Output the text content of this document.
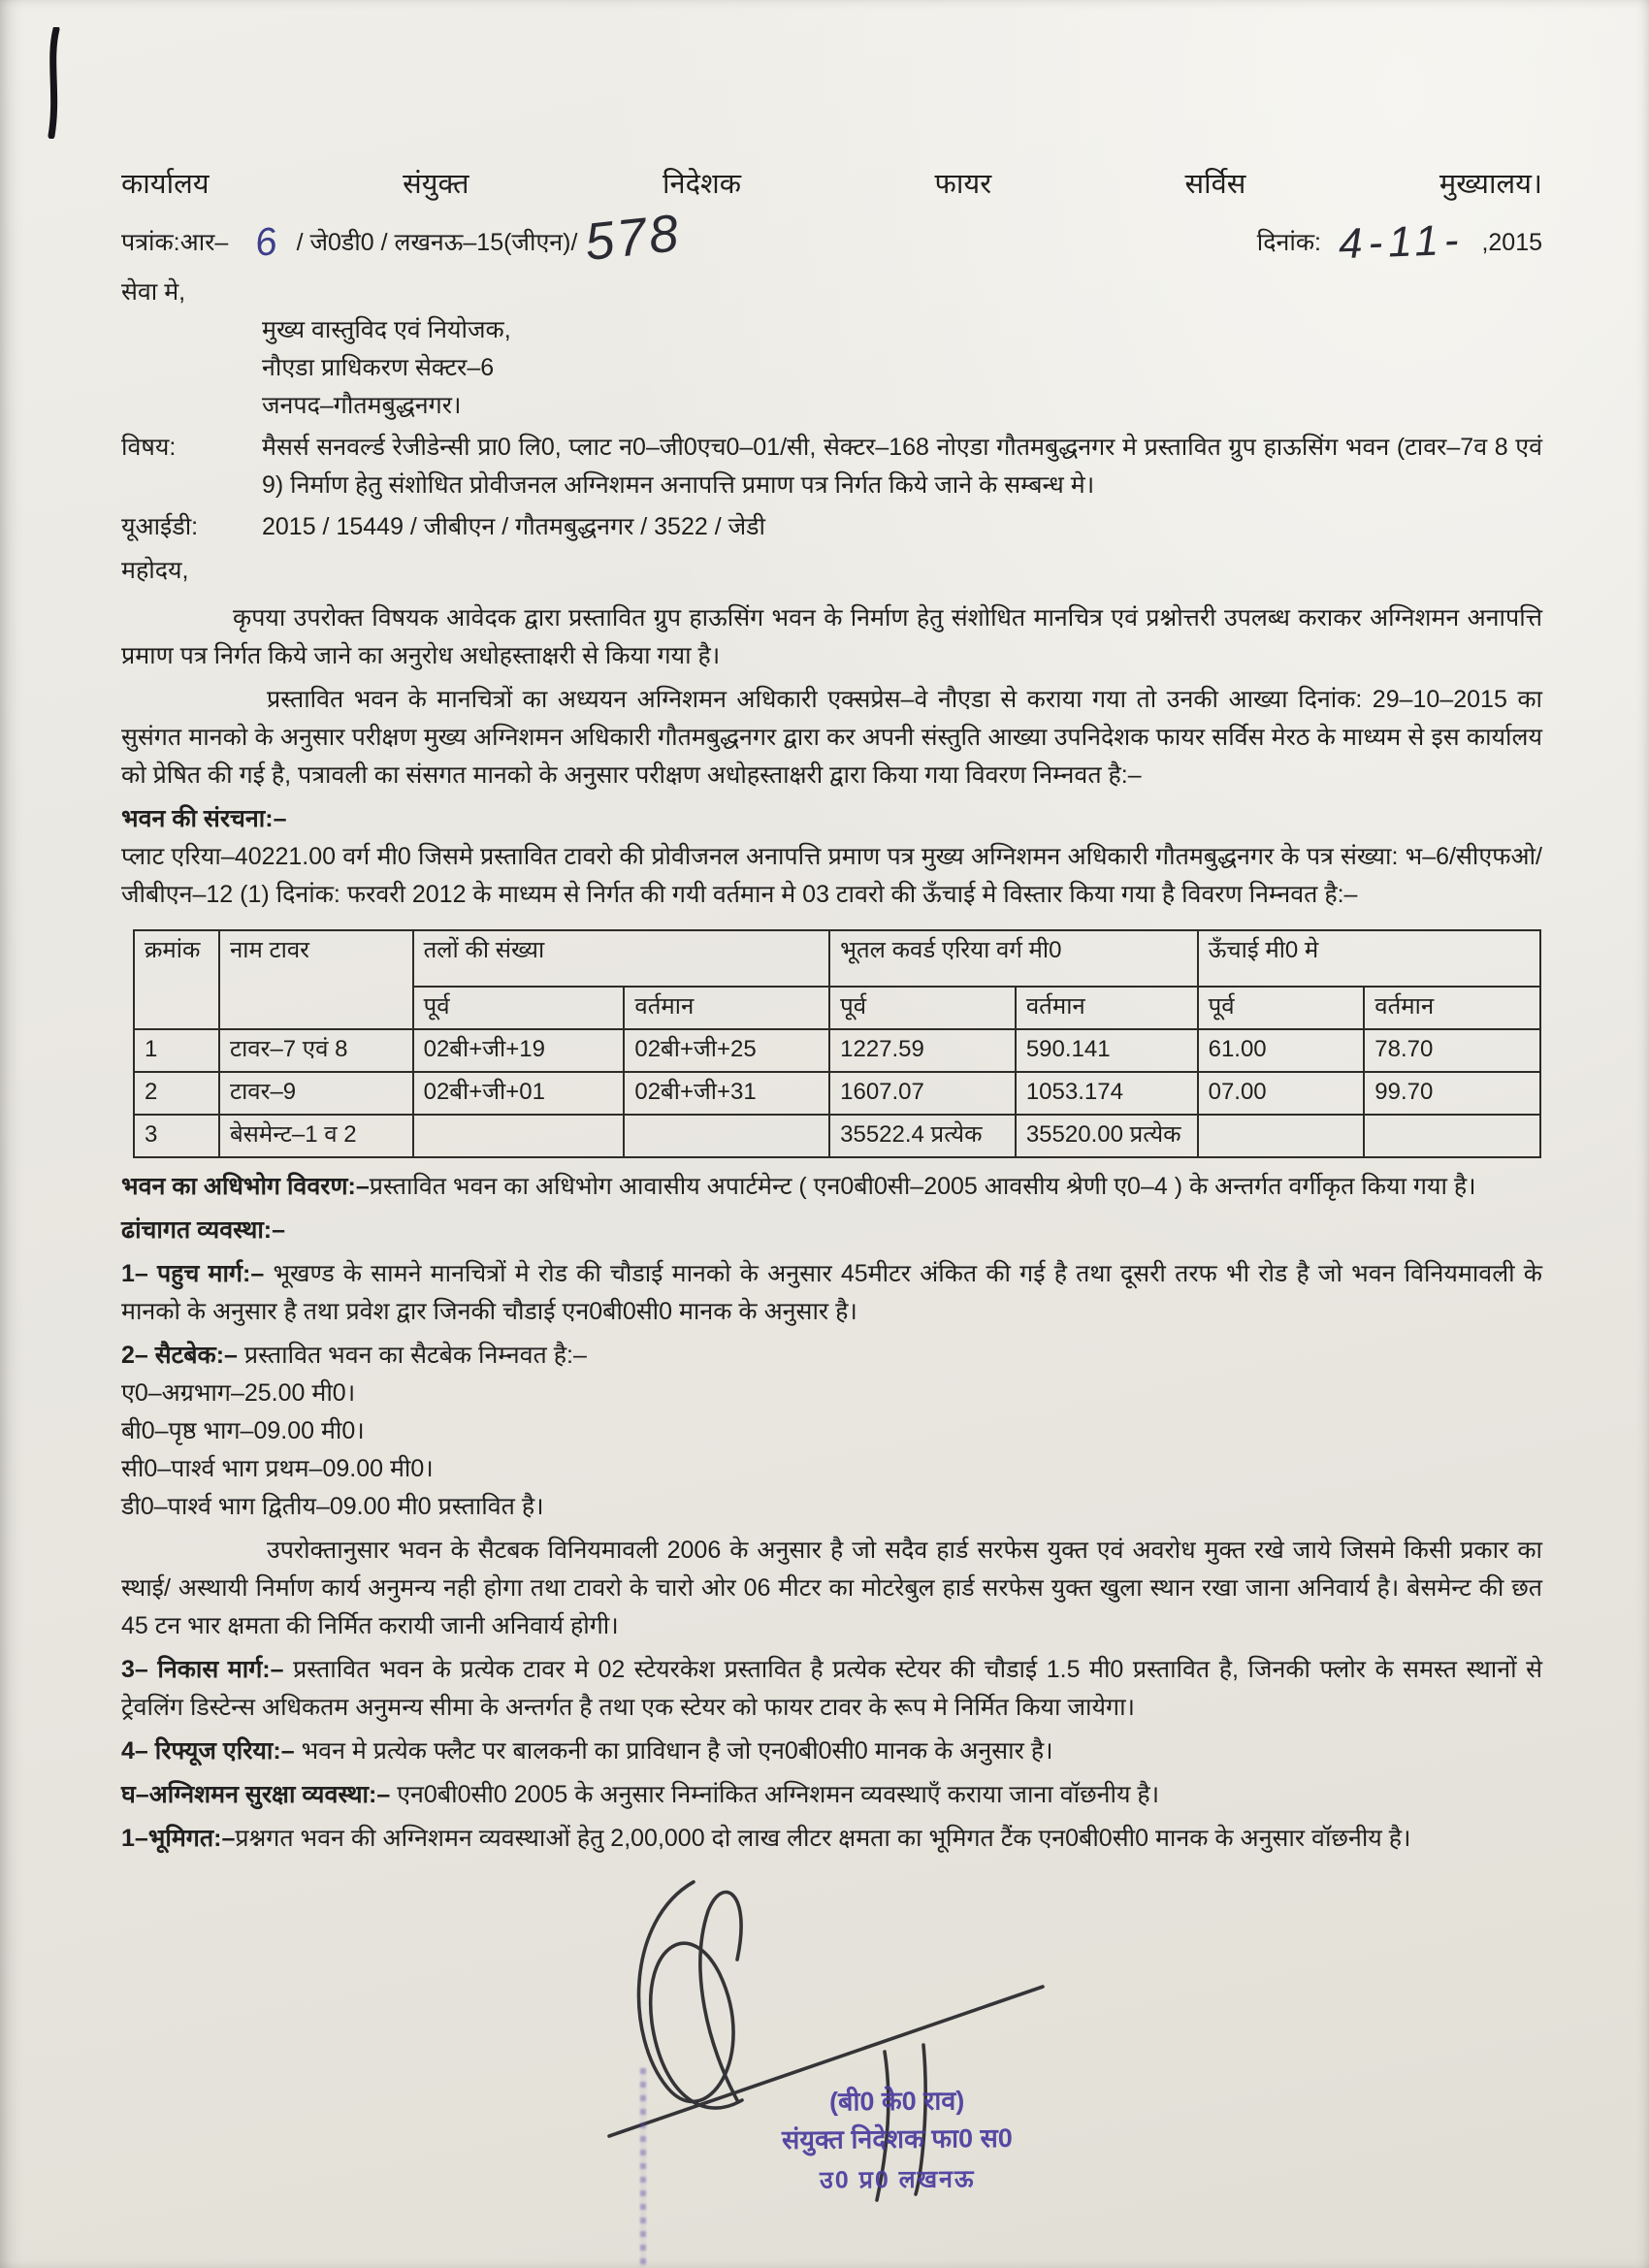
कार्यालय	संयुक्त	निदेशक	फायर	सर्विस	मुख्यालय।
पत्रांक:आर– 6 / जे0डी0 / लखनऊ–15(जीएन)/ 578	दिनांक: 4-11- ,2015

सेवा मे,

मुख्य वास्तुविद एवं नियोजक,

नौएडा प्राधिकरण सेक्टर–6

जनपद–गौतमबुद्धनगर।

विषय:	मैसर्स सनवर्ल्ड रेजीडेन्सी प्रा0 लि0, प्लाट न0–जी0एच0–01/सी, सेक्टर–168 नोएडा गौतमबुद्धनगर मे प्रस्तावित ग्रुप हाऊसिंग भवन (टावर–7व 8 एवं 9) निर्माण हेतु संशोधित प्रोवीजनल अग्निशमन अनापत्ति प्रमाण पत्र निर्गत किये जाने के सम्बन्ध मे।
यूआईडी:	2015 / 15449 / जीबीएन / गौतमबुद्धनगर / 3522 / जेडी

महोदय,

कृपया उपरोक्त विषयक आवेदक द्वारा प्रस्तावित ग्रुप हाऊसिंग भवन के निर्माण हेतु संशोधित मानचित्र एवं प्रश्नोत्तरी उपलब्ध कराकर अग्निशमन अनापत्ति प्रमाण पत्र निर्गत किये जाने का अनुरोध अधोहस्ताक्षरी से किया गया है।

प्रस्तावित भवन के मानचित्रों का अध्ययन अग्निशमन अधिकारी एक्सप्रेस–वे नौएडा से कराया गया तो उनकी आख्या दिनांक: 29–10–2015 का सुसंगत मानको के अनुसार परीक्षण मुख्य अग्निशमन अधिकारी गौतमबुद्धनगर द्वारा कर अपनी संस्तुति आख्या उपनिदेशक फायर सर्विस मेरठ के माध्यम से इस कार्यालय को प्रेषित की गई है, पत्रावली का संसगत मानको के अनुसार परीक्षण अधोहस्ताक्षरी द्वारा किया गया विवरण निम्नवत है:–

भवन की संरचना:–

प्लाट एरिया–40221.00 वर्ग मी0 जिसमे प्रस्तावित टावरो की प्रोवीजनल अनापत्ति प्रमाण पत्र मुख्य अग्निशमन अधिकारी गौतमबुद्धनगर के पत्र संख्या: भ–6/सीएफओ/जीबीएन–12 (1) दिनांक: फरवरी 2012 के माध्यम से निर्गत की गयी वर्तमान मे 03 टावरो की ऊँचाई मे विस्तार किया गया है विवरण निम्नवत है:–

क्रमांक	नाम टावर	तलों की संख्या		भूतल कवर्ड एरिया वर्ग मी0		ऊँचाई मी0 मे	
		पूर्व	वर्तमान	पूर्व	वर्तमान	पूर्व	वर्तमान
1	टावर–7 एवं 8	02बी+जी+19	02बी+जी+25	1227.59	590.141	61.00	78.70
2	टावर–9	02बी+जी+01	02बी+जी+31	1607.07	1053.174	07.00	99.70
3	बेसमेन्ट–1 व 2			35522.4 प्रत्येक	35520.00 प्रत्येक		

भवन का अधिभोग विवरण:–प्रस्तावित भवन का अधिभोग आवासीय अपार्टमेन्ट ( एन0बी0सी–2005 आवसीय श्रेणी ए0–4 ) के अन्तर्गत वर्गीकृत किया गया है।

ढांचागत व्यवस्था:–

1– पहुच मार्ग:– भूखण्ड के सामने मानचित्रों मे रोड की चौडाई मानको के अनुसार 45मीटर अंकित की गई है तथा दूसरी तरफ भी रोड है जो भवन विनियमावली के मानको के अनुसार है तथा प्रवेश द्वार जिनकी चौडाई एन0बी0सी0 मानक के अनुसार है।

2– सैटबेक:– प्रस्तावित भवन का सैटबेक निम्नवत है:–

ए0–अग्रभाग–25.00 मी0।

बी0–पृष्ठ भाग–09.00 मी0।

सी0–पार्श्व भाग प्रथम–09.00 मी0।

डी0–पार्श्व भाग द्वितीय–09.00 मी0 प्रस्तावित है।

उपरोक्तानुसार भवन के सैटबक विनियमावली 2006 के अनुसार है जो सदैव हार्ड सरफेस युक्त एवं अवरोध मुक्त रखे जाये जिसमे किसी प्रकार का स्थाई/ अस्थायी निर्माण कार्य अनुमन्य नही होगा तथा टावरो के चारो ओर 06 मीटर का मोटरेबुल हार्ड सरफेस युक्त खुला स्थान रखा जाना अनिवार्य है। बेसमेन्ट की छत 45 टन भार क्षमता की निर्मित करायी जानी अनिवार्य होगी।

3– निकास मार्ग:– प्रस्तावित भवन के प्रत्येक टावर मे 02 स्टेयरकेश प्रस्तावित है प्रत्येक स्टेयर की चौडाई 1.5 मी0 प्रस्तावित है, जिनकी फ्लोर के समस्त स्थानों से ट्रेवलिंग डिस्टेन्स अधिकतम अनुमन्य सीमा के अन्तर्गत है तथा एक स्टेयर को फायर टावर के रूप मे निर्मित किया जायेगा।

4– रिफ्यूज एरिया:– भवन मे प्रत्येक फ्लैट पर बालकनी का प्राविधान है जो एन0बी0सी0 मानक के अनुसार है।

घ–अग्निशमन सुरक्षा व्यवस्था:– एन0बी0सी0 2005 के अनुसार निम्नांकित अग्निशमन व्यवस्थाएँ कराया जाना वॉछनीय है।

1–भूमिगत:–प्रश्नगत भवन की अग्निशमन व्यवस्थाओं हेतु 2,00,000 दो लाख लीटर क्षमता का भूमिगत टैंक एन0बी0सी0 मानक के अनुसार वॉछनीय है।

(बी0 के0 राव)
संयुक्त निदेशक फा0 स0
उ0 प्र0 लखनऊ
